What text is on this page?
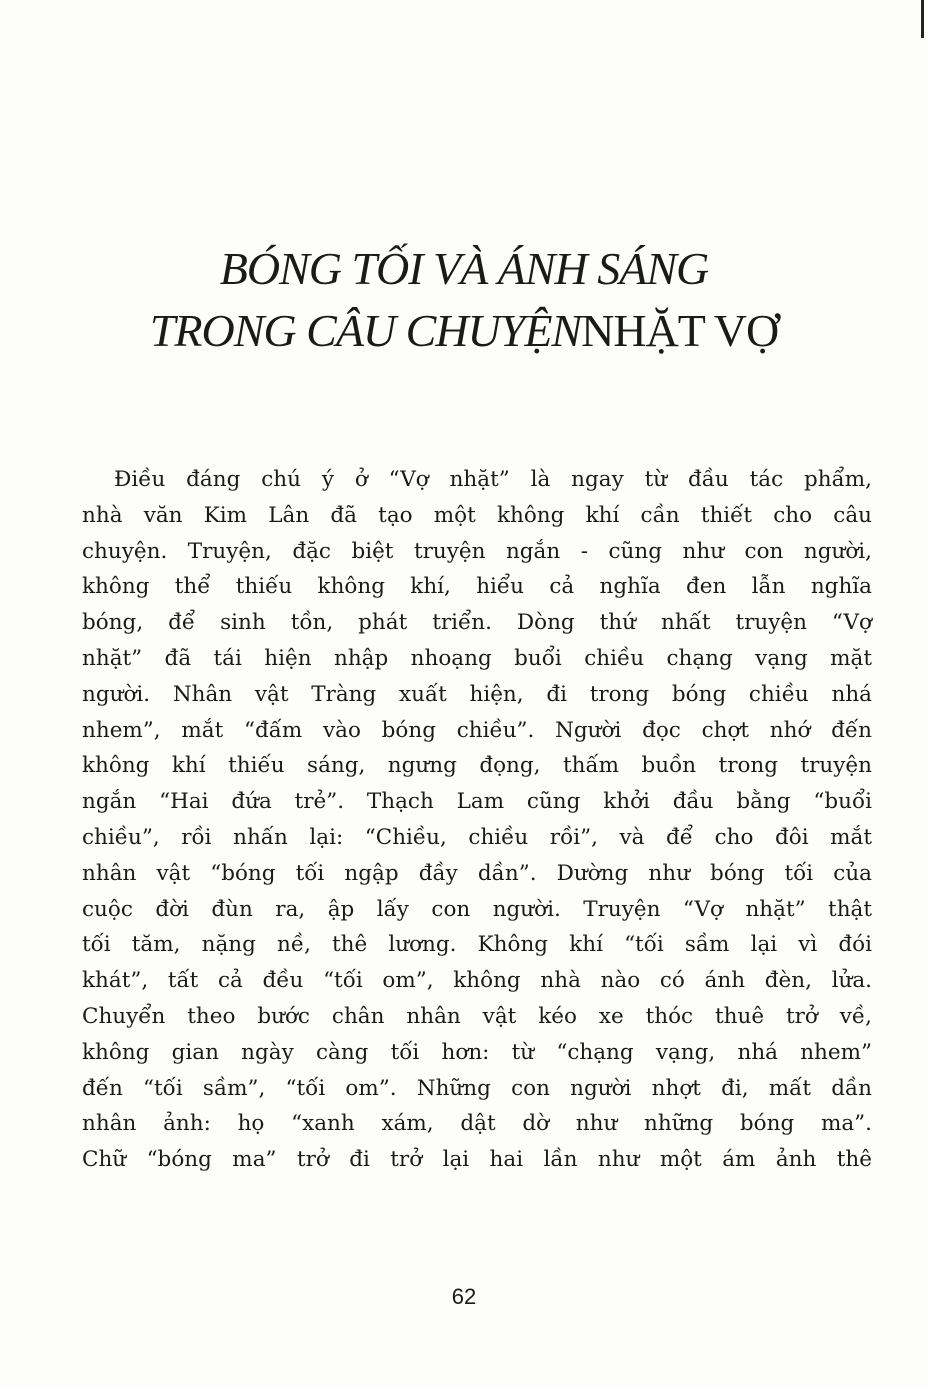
BÓNG TỐI VÀ ÁNH SÁNG
TRONG CÂU CHUYỆNNHẶT VỢ
Điều đáng chú ý ở “Vợ nhặt” là ngay từ đầu tác phẩm,
nhà văn Kim Lân đã tạo một không khí cần thiết cho câu
chuyện. Truyện, đặc biệt truyện ngắn - cũng như con người,
không thể thiếu không khí, hiểu cả nghĩa đen lẫn nghĩa
bóng, để sinh tồn, phát triển. Dòng thứ nhất truyện “Vợ
nhặt” đã tái hiện nhập nhoạng buổi chiều chạng vạng mặt
người. Nhân vật Tràng xuất hiện, đi trong bóng chiều nhá
nhem”, mắt “đấm vào bóng chiều”. Người đọc chợt nhớ đến
không khí thiếu sáng, ngưng đọng, thấm buồn trong truyện
ngắn “Hai đứa trẻ”. Thạch Lam cũng khởi đầu bằng “buổi
chiều”, rồi nhấn lại: “Chiều, chiều rồi”, và để cho đôi mắt
nhân vật “bóng tối ngập đầy dần”. Dường như bóng tối của
cuộc đời đùn ra, ập lấy con người. Truyện “Vợ nhặt” thật
tối tăm, nặng nề, thê lương. Không khí “tối sầm lại vì đói
khát”, tất cả đều “tối om”, không nhà nào có ánh đèn, lửa.
Chuyển theo bước chân nhân vật kéo xe thóc thuê trở về,
không gian ngày càng tối hơn: từ “chạng vạng, nhá nhem”
đến “tối sầm”, “tối om”. Những con người nhợt đi, mất dần
nhân ảnh: họ “xanh xám, dật dờ như những bóng ma”.
Chữ “bóng ma” trở đi trở lại hai lần như một ám ảnh thê
62
